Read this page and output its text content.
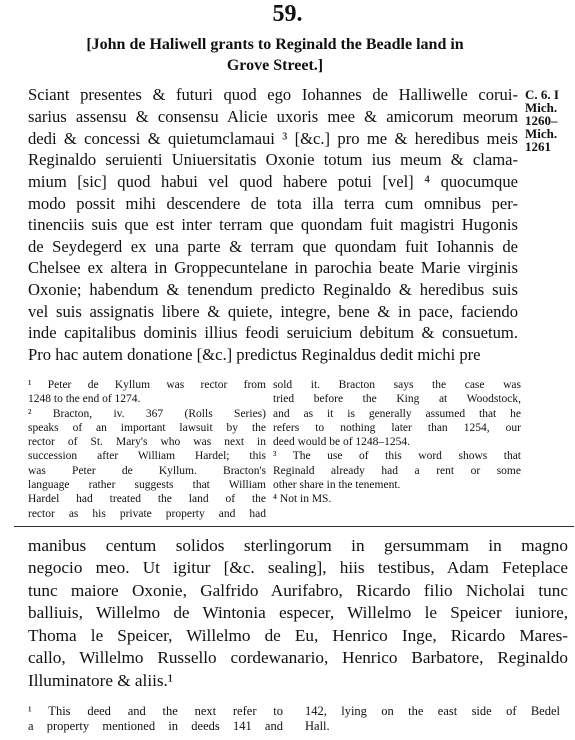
59.
[John de Haliwell grants to Reginald the Beadle land in
Grove Street.]
C. 6. I
Mich.
1260–
Mich.
1261
Sciant presentes & futuri quod ego Iohannes de Halliwelle corui-
sarius assensu & consensu Alicie uxoris mee & amicorum meorum
dedi & concessi & quietumclamaui ³ [&c.] pro me & heredibus meis
Reginaldo seruienti Uniuersitatis Oxonie totum ius meum & clama-
mium [sic] quod habui vel quod habere potui [vel] ⁴ quocumque
modo possit mihi descendere de tota illa terra cum omnibus per-
tinenciis suis que est inter terram que quondam fuit magistri Hugonis
de Seydegerd ex una parte & terram que quondam fuit Iohannis de
Chelsee ex altera in Groppecuntelane in parochia beate Marie virginis
Oxonie; habendum & tenendum predicto Reginaldo & heredibus suis
vel suis assignatis libere & quiete, integre, bene & in pace, faciendo
inde capitalibus dominis illius feodi seruicium debitum & consuetum.
Pro hac autem donatione [&c.] predictus Reginaldus dedit michi pre
¹ Peter de Kyllum was rector from
1248 to the end of 1274.
² Bracton, iv. 367 (Rolls Series)
speaks of an important lawsuit by the
rector of St. Mary's who was next in
succession after William Hardel; this
was Peter de Kyllum. Bracton's
language rather suggests that William
Hardel had treated the land of the
rector as his private property and had
sold it. Bracton says the case was
tried before the King at Woodstock,
and as it is generally assumed that he
refers to nothing later than 1254, our
deed would be of 1248–1254.
³ The use of this word shows that
Reginald already had a rent or some
other share in the tenement.
⁴ Not in MS.
manibus centum solidos sterlingorum in gersummam in magno
negocio meo. Ut igitur [&c. sealing], hiis testibus, Adam Feteplace
tunc maiore Oxonie, Galfrido Aurifabro, Ricardo filio Nicholai tunc
balliuis, Willelmo de Wintonia especer, Willelmo le Speicer iuniore,
Thoma le Speicer, Willelmo de Eu, Henrico Inge, Ricardo Mares-
callo, Willelmo Russello cordewanario, Henrico Barbatore, Reginaldo
Illuminatore & aliis.¹
¹ This deed and the next refer to
a property mentioned in deeds 141 and
142, lying on the east side of Bedel
Hall.
